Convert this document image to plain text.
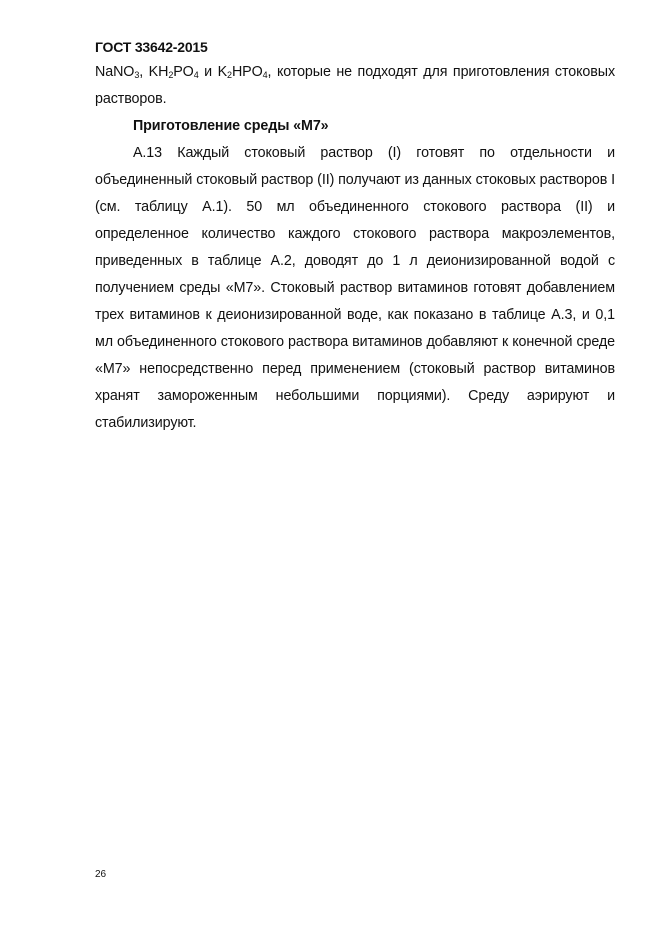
ГОСТ 33642-2015

NaNO$_3$, $KH_2PO_4$ и $K_2HPO_4$, которые не подходят для приготовления стоковых растворов.

Приготовление среды «М7»

А.13 Каждый стоковый раствор (I) готовят по отдельности и объединенный стоковый раствор (II) получают из данных стоковых растворов I (см. таблицу А.1). 50 мл объединенного стокового раствора (II) и определенное количество каждого стокового раствора макроэлементов, приведенных в таблице А.2, доводят до 1 л деионизированной водой с получением среды «М7». Стоковый раствор витаминов готовят добавлением трех витаминов к деионизированной воде, как показано в таблице А.3, и 0,1 мл объединенного стокового раствора витаминов добавляют к конечной среде «М7» непосредственно перед применением (стоковый раствор витаминов хранят замороженным небольшими порциями). Среду аэрируют и стабилизируют.

26
